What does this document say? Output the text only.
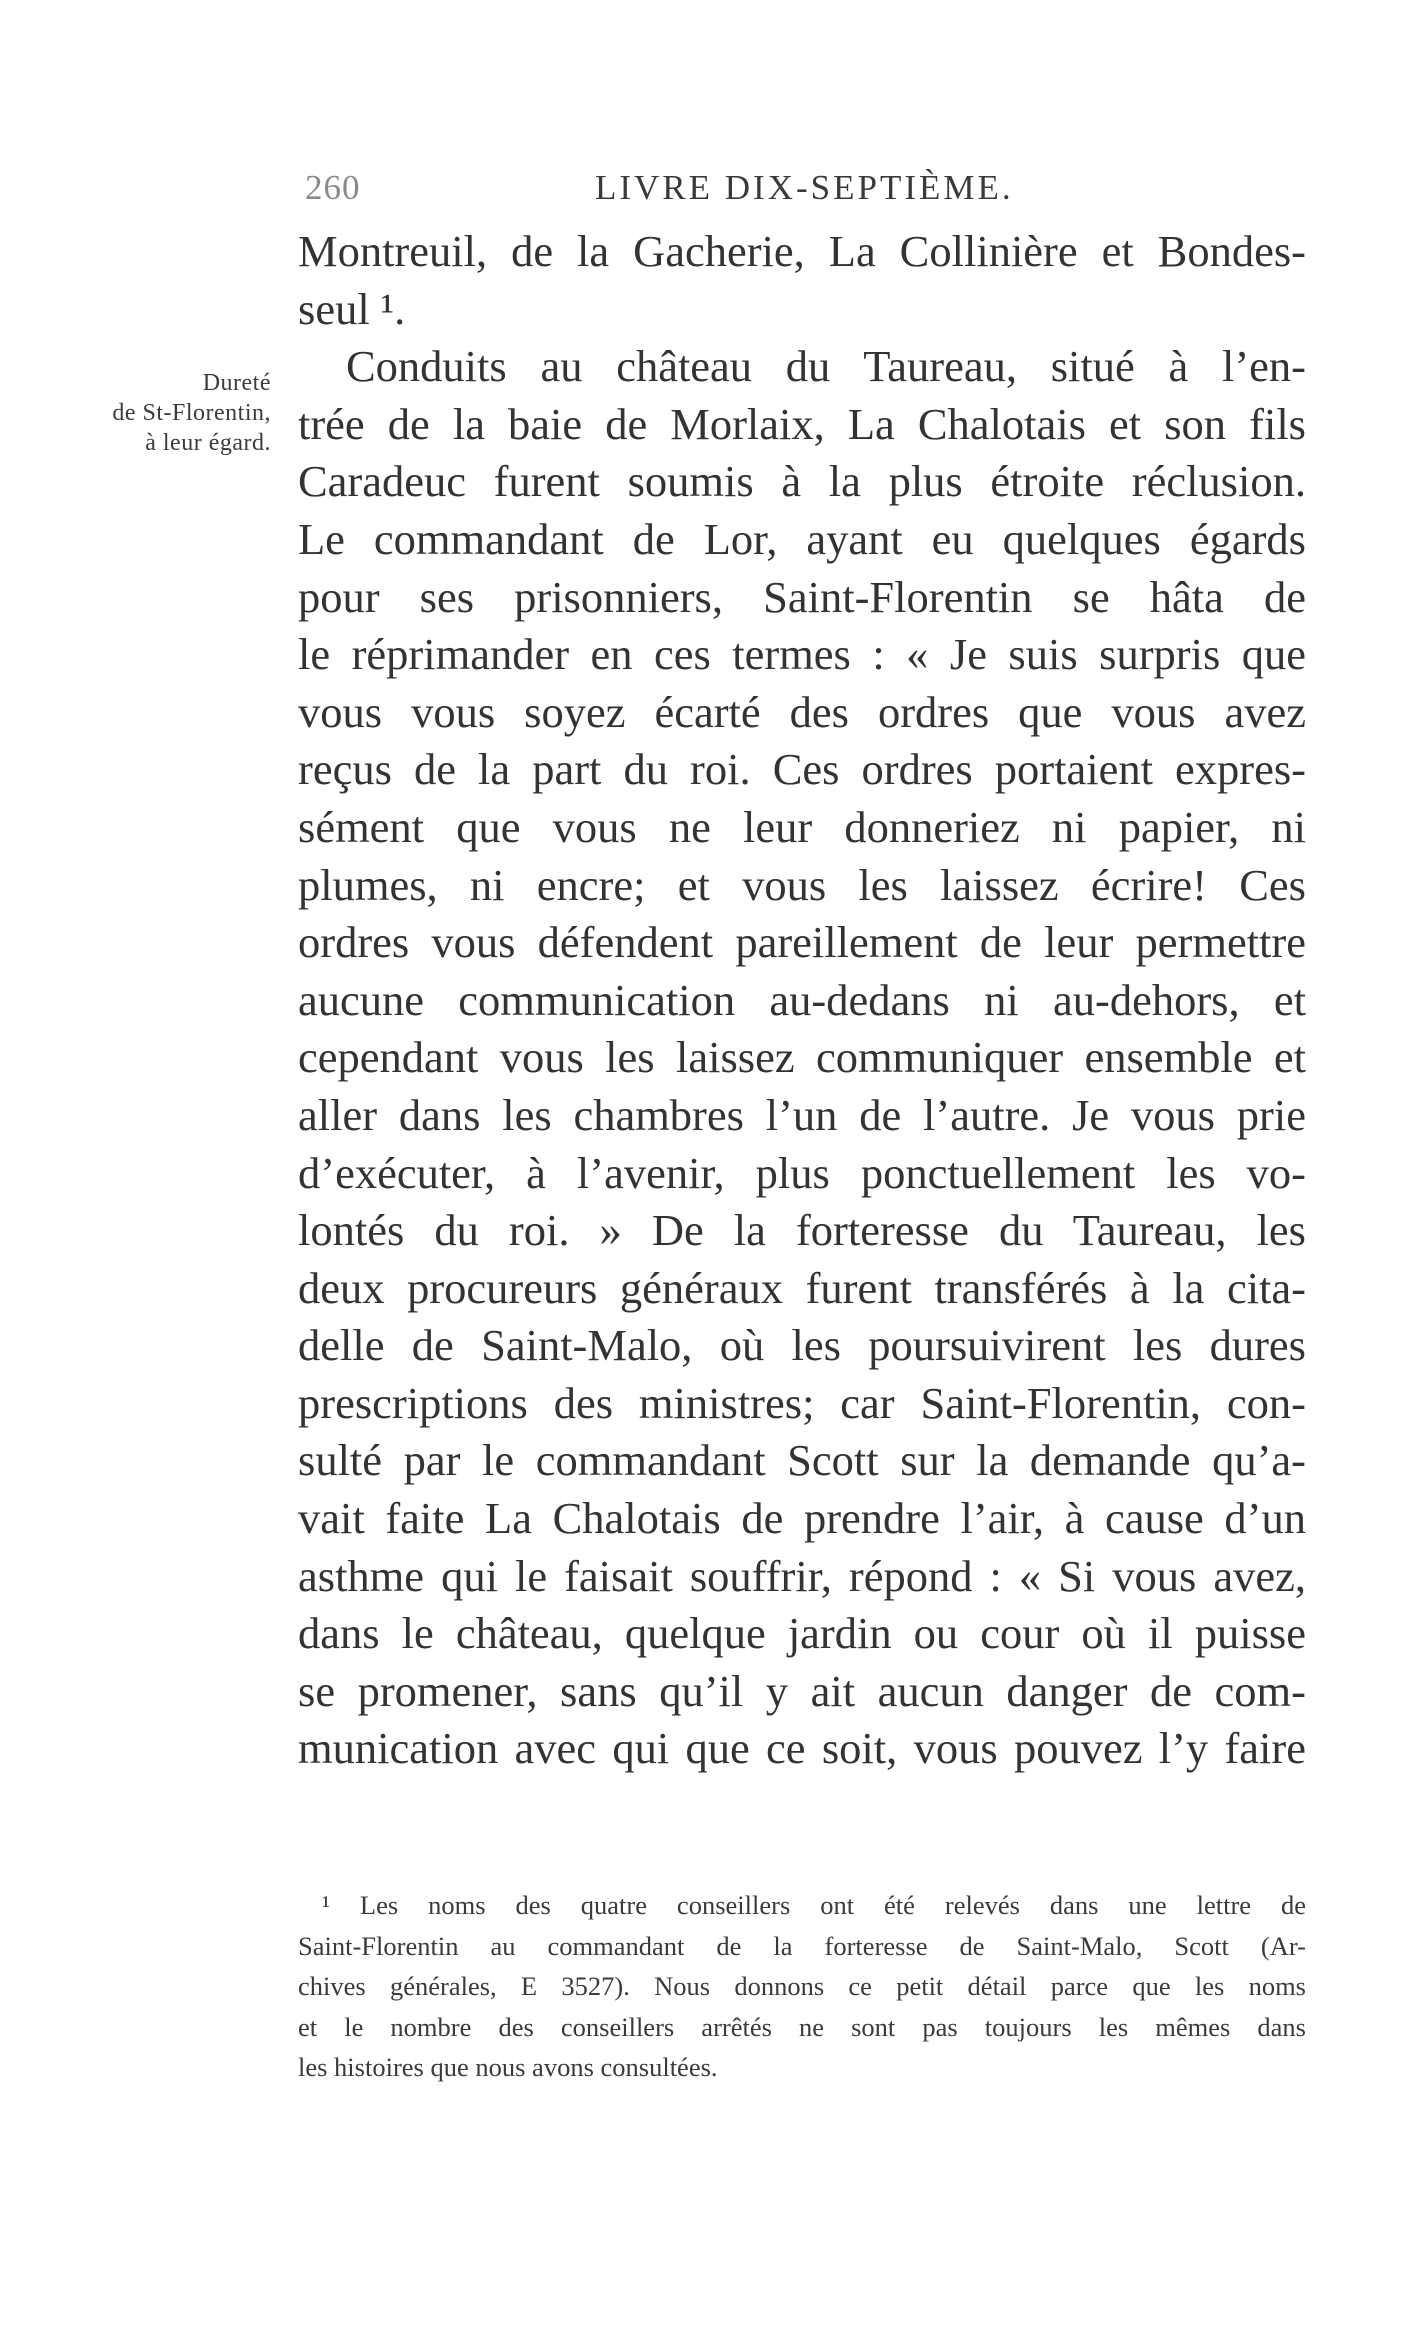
260	LIVRE DIX-SEPTIÈME.
Dureté
de St-Florentin,
à leur égard.
Montreuil, de la Gacherie, La Collinière et Bondes-
seul ¹.
Conduits au château du Taureau, situé à l’en-
trée de la baie de Morlaix, La Chalotais et son fils
Caradeuc furent soumis à la plus étroite réclusion.
Le commandant de Lor, ayant eu quelques égards
pour ses prisonniers, Saint-Florentin se hâta de
le réprimander en ces termes : « Je suis surpris que
vous vous soyez écarté des ordres que vous avez
reçus de la part du roi. Ces ordres portaient expres-
sément que vous ne leur donneriez ni papier, ni
plumes, ni encre; et vous les laissez écrire! Ces
ordres vous défendent pareillement de leur permettre
aucune communication au-dedans ni au-dehors, et
cependant vous les laissez communiquer ensemble et
aller dans les chambres l’un de l’autre. Je vous prie
d’exécuter, à l’avenir, plus ponctuellement les vo-
lontés du roi. » De la forteresse du Taureau, les
deux procureurs généraux furent transférés à la cita-
delle de Saint-Malo, où les poursuivirent les dures
prescriptions des ministres; car Saint-Florentin, con-
sulté par le commandant Scott sur la demande qu’a-
vait faite La Chalotais de prendre l’air, à cause d’un
asthme qui le faisait souffrir, répond : « Si vous avez,
dans le château, quelque jardin ou cour où il puisse
se promener, sans qu’il y ait aucun danger de com-
munication avec qui que ce soit, vous pouvez l’y faire
¹ Les noms des quatre conseillers ont été relevés dans une lettre de
Saint-Florentin au commandant de la forteresse de Saint-Malo, Scott (Ar-
chives générales, E 3527). Nous donnons ce petit détail parce que les noms
et le nombre des conseillers arrêtés ne sont pas toujours les mêmes dans
les histoires que nous avons consultées.
